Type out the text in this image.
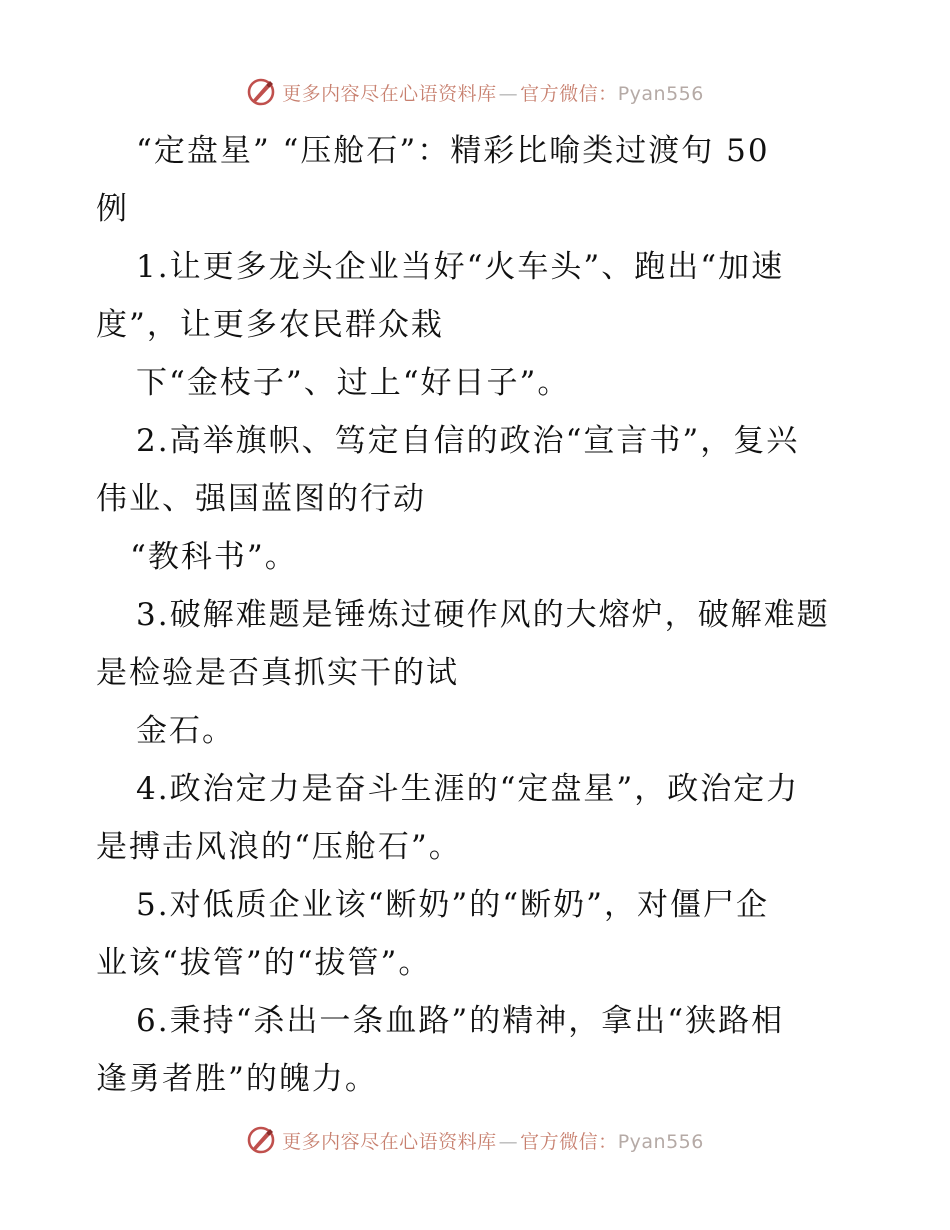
更多内容尽在心语资料库 — 官方微信：Pyan556
“定盘星” “压舱石”：精彩比喻类过渡句 50
例
1.让更多龙头企业当好“火车头”、跑出“加速
度”，让更多农民群众栽
下“金枝子”、过上“好日子”。
2.高举旗帜、笃定自信的政治“宣言书”，复兴
伟业、强国蓝图的行动
“教科书”。
3.破解难题是锤炼过硬作风的大熔炉，破解难题
是检验是否真抓实干的试
金石。
4.政治定力是奋斗生涯的“定盘星”，政治定力
是搏击风浪的“压舱石”。
5.对低质企业该“断奶”的“断奶”，对僵尸企
业该“拔管”的“拔管”。
6.秉持“杀出一条血路”的精神，拿出“狭路相
逢勇者胜”的魄力。
更多内容尽在心语资料库 — 官方微信：Pyan556
